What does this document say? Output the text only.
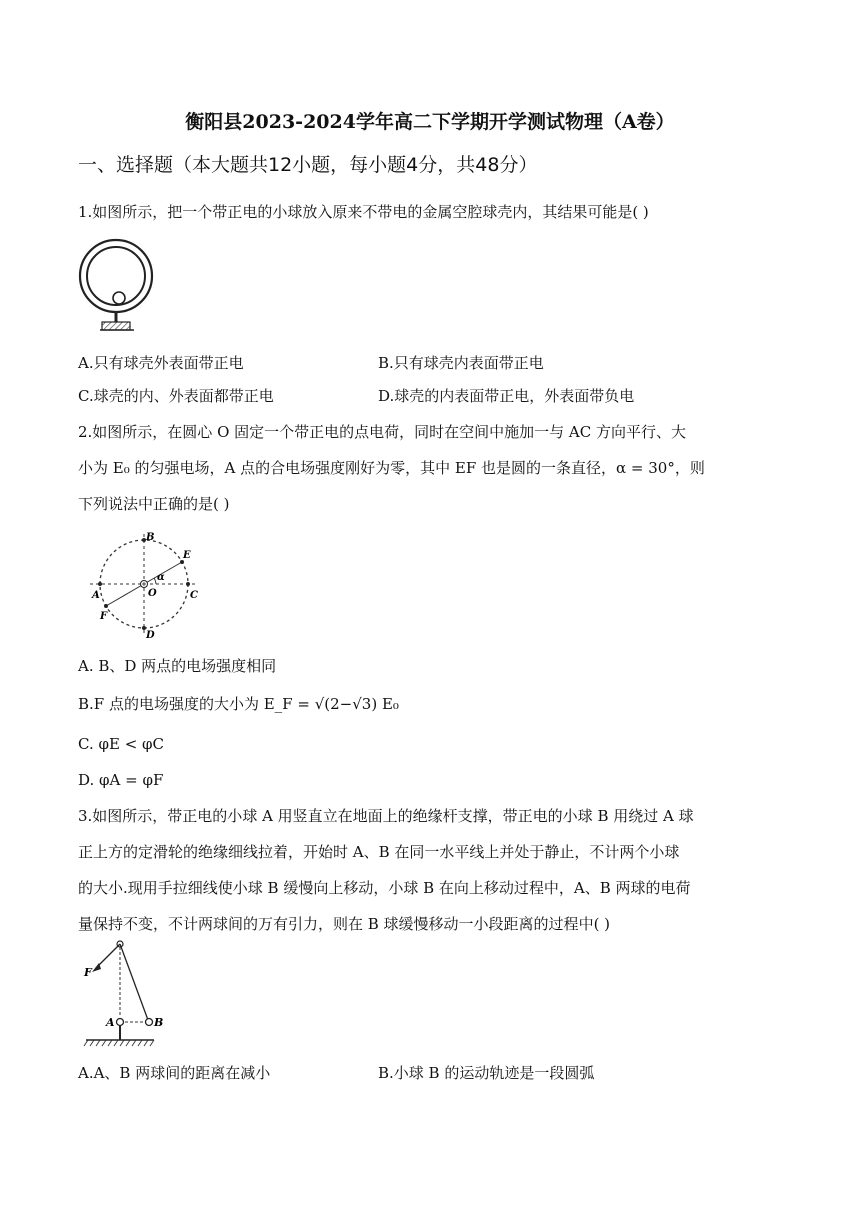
衡阳县2023-2024学年高二下学期开学测试物理（A卷）
一、选择题（本大题共12小题，每小题4分，共48分）
1.如图所示，把一个带正电的小球放入原来不带电的金属空腔球壳内，其结果可能是( )
A.只有球壳外表面带正电	B.只有球壳内表面带正电
C.球壳的内、外表面都带正电	D.球壳的内表面带正电，外表面带负电
2.如图所示，在圆心 O 固定一个带正电的点电荷，同时在空间中施加一与 AC 方向平行、大
小为 E₀ 的匀强电场，A 点的合电场强度刚好为零，其中 EF 也是圆的一条直径，α = 30°，则
下列说法中正确的是( )
B
E
α
A	O	C
F
D
A. B、D 两点的电场强度相同
B.F 点的电场强度的大小为 E_F = √(2−√3) E₀
C. φE < φC
D. φA = φF
3.如图所示，带正电的小球 A 用竖直立在地面上的绝缘杆支撑，带正电的小球 B 用绕过 A 球
正上方的定滑轮的绝缘细线拉着，开始时 A、B 在同一水平线上并处于静止，不计两个小球
的大小.现用手拉细线使小球 B 缓慢向上移动，小球 B 在向上移动过程中，A、B 两球的电荷
量保持不变，不计两球间的万有引力，则在 B 球缓慢移动一小段距离的过程中( )
F
A	B
A.A、B 两球间的距离在减小	B.小球 B 的运动轨迹是一段圆弧
